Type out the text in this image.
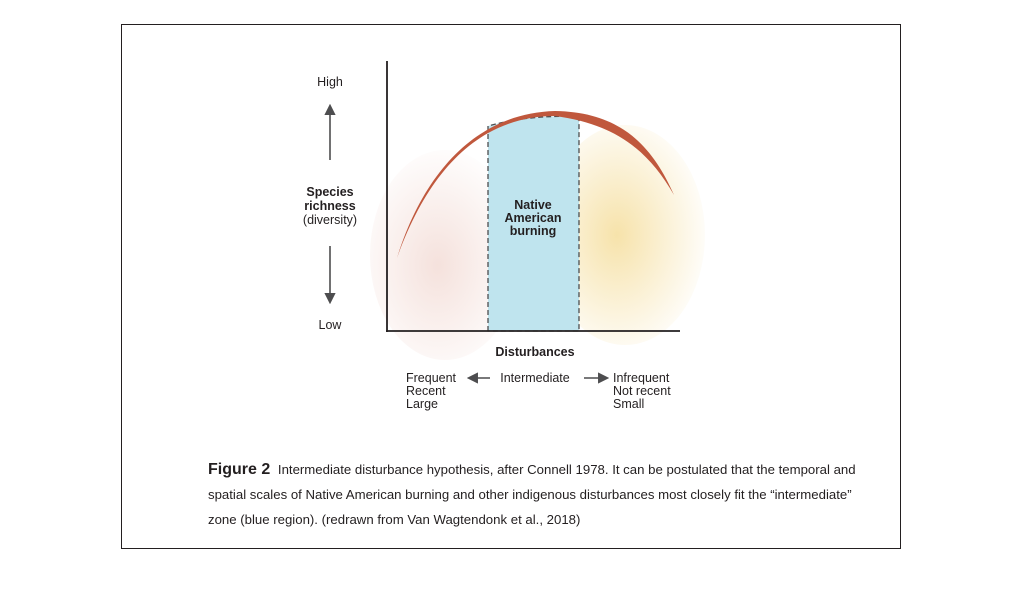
High
Low
Species
richness
(diversity)
Native
American
burning
Disturbances
Frequent
Recent
Large
Intermediate	Infrequent
Not recent
Small
Figure 2 Intermediate disturbance hypothesis, after Connell 1978. It can be postulated that the temporal and spatial scales of Native American burning and other indigenous disturbances most closely fit the “intermediate” zone (blue region). (redrawn from Van Wagtendonk et al., 2018)
